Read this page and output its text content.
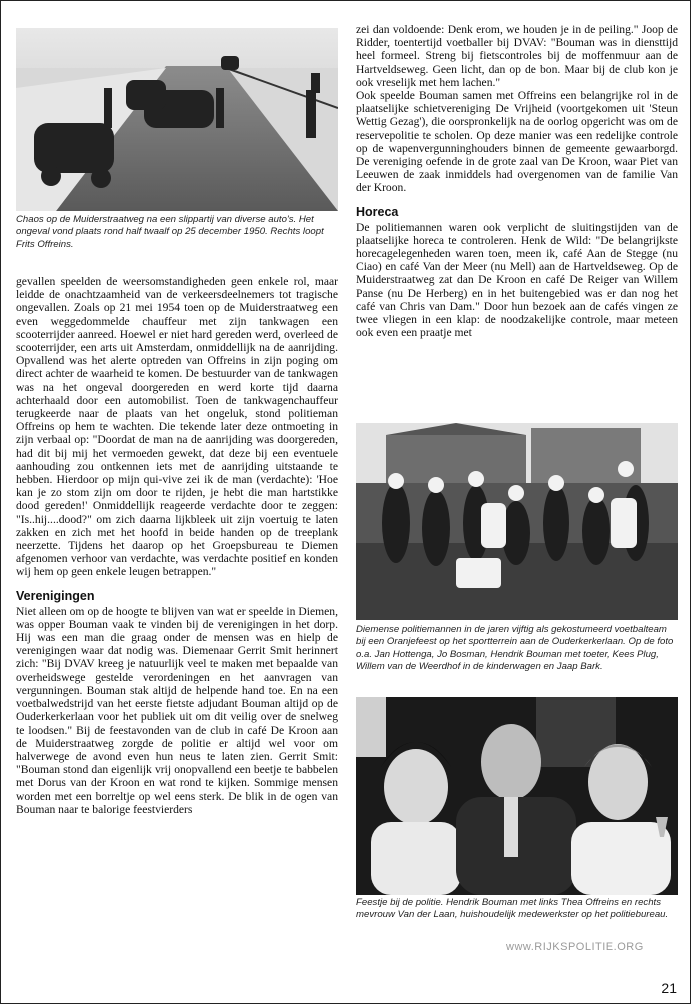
Chaos op de Muiderstraatweg na een slippartij van diverse auto's. Het ongeval vond plaats rond half twaalf op 25 december 1950. Rechts loopt Frits Offreins.

gevallen speelden de weersomstandigheden geen enkele rol, maar leidde de onachtzaamheid van de verkeersdeelnemers tot tragische ongevallen. Zoals op 21 mei 1954 toen op de Muiderstraatweg een even weggedommelde chauffeur met zijn tankwagen een scooterrijder aanreed. Hoewel er niet hard gereden werd, overleed de scooterrijder, een arts uit Amsterdam, onmiddellijk na de aanrijding. Opvallend was het alerte optreden van Offreins in zijn poging om direct achter de waarheid te komen. De bestuurder van de tankwagen was na het ongeval doorgereden en werd korte tijd daarna achterhaald door een automobilist. Toen de tankwagenchauffeur terugkeerde naar de plaats van het ongeluk, stond politieman Offreins op hem te wachten. Die tekende later deze ontmoeting in zijn verbaal op: "Doordat de man na de aanrijding was doorgereden, had dit bij mij het vermoeden gewekt, dat deze bij een eventuele aanhouding zou ontkennen iets met de aanrijding uitstaande te hebben. Hierdoor op mijn qui-vive zei ik de man (verdachte): 'Hoe kan je zo stom zijn om door te rijden, je hebt die man hartstikke dood gereden!' Onmiddellijk reageerde verdachte door te zeggen: "Is..hij....dood?" om zich daarna lijkbleek uit zijn voertuig te laten zakken en zich met het hoofd in beide handen op de treeplank neerzette. Tijdens het daarop op het Groepsbureau te Diemen afgenomen verhoor van verdachte, was verdachte positief en konden wij hem op geen enkele leugen betrappen."

Verenigingen

Niet alleen om op de hoogte te blijven van wat er speelde in Diemen, was opper Bouman vaak te vinden bij de verenigingen in het dorp. Hij was een man die graag onder de mensen was en hielp de verenigingen waar dat nodig was. Diemenaar Gerrit Smit herinnert zich: "Bij DVAV kreeg je natuurlijk veel te maken met bepaalde van overheidswege gestelde verordeningen en het aanvragen van vergunningen. Bouman stak altijd de helpende hand toe. En na een voetbalwedstrijd van het eerste fietste adjudant Bouman altijd op de Ouderkerkerlaan voor het publiek uit om dit veilig over de snelweg te loodsen." Bij de feestavonden van de club in café De Kroon aan de Muiderstraatweg zorgde de politie er altijd wel voor om halverwege de avond even hun neus te laten zien. Gerrit Smit: "Bouman stond dan eigenlijk vrij onopvallend een beetje te babbelen met Dorus van der Kroon en wat rond te kijken. Sommige mensen worden met een borreltje op wel eens sterk. De blik in de ogen van Bouman naar te balorige feestvierders

zei dan voldoende: Denk erom, we houden je in de peiling." Joop de Ridder, toentertijd voetballer bij DVAV: "Bouman was in diensttijd heel formeel. Streng bij fietscontroles bij de moffenmuur aan de Hartveldseweg. Geen licht, dan op de bon. Maar bij de club kon je ook vreselijk met hem lachen."

Ook speelde Bouman samen met Offreins een belangrijke rol in de plaatselijke schietvereniging De Vrijheid (voortgekomen uit 'Steun Wettig Gezag'), die oorspronkelijk na de oorlog opgericht was om de reservepolitie te scholen. Op deze manier was een redelijke controle op de wapenvergunninghouders binnen de gemeente gewaarborgd. De vereniging oefende in de grote zaal van De Kroon, waar Piet van Leeuwen de zaak inmiddels had overgenomen van de familie Van der Kroon.

Horeca

De politiemannen waren ook verplicht de sluitingstijden van de plaatselijke horeca te controleren. Henk de Wild: "De belangrijkste horecagelegenheden waren toen, meen ik, café Aan de Stegge (nu Ciao) en café Van der Meer (nu Mell) aan de Hartveldseweg. Op de Muiderstraatweg zat dan De Kroon en café De Reiger van Willem Panse (nu De Herberg) en in het buitengebied was er dan nog het café van Chris van Dam." Door hun bezoek aan de cafés vingen ze twee vliegen in een klap: de noodzakelijke controle, maar meteen ook even een praatje met

Diemense politiemannen in de jaren vijftig als gekostumeerd voetbalteam bij een Oranjefeest op het sportterrein aan de Ouderkerkerlaan. Op de foto o.a. Jan Hottenga, Jo Bosman, Hendrik Bouman met toeter, Kees Plug, Willem van de Weerdhof in de kinderwagen en Jaap Bark.
Feestje bij de politie. Hendrik Bouman met links Thea Offreins en rechts mevrouw Van der Laan, huishoudelijk medewerkster op het politiebureau.
www.RIJKSPOLITIE.ORG
21
